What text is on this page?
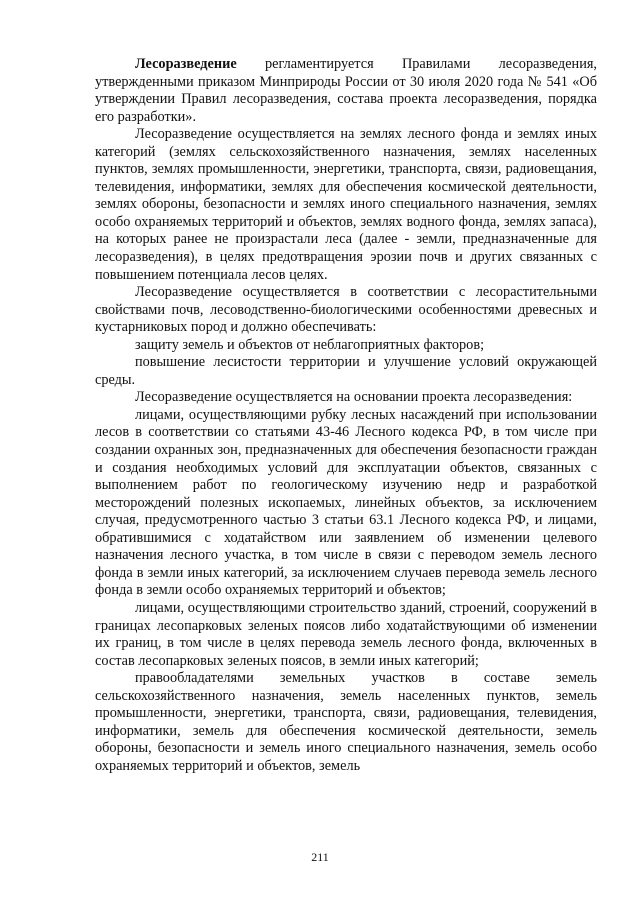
Лесоразведение регламентируется Правилами лесоразведения, утвержденными приказом Минприроды России от 30 июля 2020 года № 541 «Об утверждении Правил лесоразведения, состава проекта лесоразведения, порядка его разработки».

Лесоразведение осуществляется на землях лесного фонда и землях иных категорий (землях сельскохозяйственного назначения, землях населенных пунктов, землях промышленности, энергетики, транспорта, связи, радиовещания, телевидения, информатики, землях для обеспечения космической деятельности, землях обороны, безопасности и землях иного специального назначения, землях особо охраняемых территорий и объектов, землях водного фонда, землях запаса), на которых ранее не произрастали леса (далее - земли, предназначенные для лесоразведения), в целях предотвращения эрозии почв и других связанных с повышением потенциала лесов целях.

Лесоразведение осуществляется в соответствии с лесорастительными свойствами почв, лесоводственно-биологическими особенностями древесных и кустарниковых пород и должно обеспечивать:

защиту земель и объектов от неблагоприятных факторов;

повышение лесистости территории и улучшение условий окружающей среды.

Лесоразведение осуществляется на основании проекта лесоразведения:

лицами, осуществляющими рубку лесных насаждений при использовании лесов в соответствии со статьями 43-46 Лесного кодекса РФ, в том числе при создании охранных зон, предназначенных для обеспечения безопасности граждан и создания необходимых условий для эксплуатации объектов, связанных с выполнением работ по геологическому изучению недр и разработкой месторождений полезных ископаемых, линейных объектов, за исключением случая, предусмотренного частью 3 статьи 63.1 Лесного кодекса РФ, и лицами, обратившимися с ходатайством или заявлением об изменении целевого назначения лесного участка, в том числе в связи с переводом земель лесного фонда в земли иных категорий, за исключением случаев перевода земель лесного фонда в земли особо охраняемых территорий и объектов;

лицами, осуществляющими строительство зданий, строений, сооружений в границах лесопарковых зеленых поясов либо ходатайствующими об изменении их границ, в том числе в целях перевода земель лесного фонда, включенных в состав лесопарковых зеленых поясов, в земли иных категорий;

правообладателями земельных участков в составе земель сельскохозяйственного назначения, земель населенных пунктов, земель промышленности, энергетики, транспорта, связи, радиовещания, телевидения, информатики, земель для обеспечения космической деятельности, земель обороны, безопасности и земель иного специального назначения, земель особо охраняемых территорий и объектов, земель

211
